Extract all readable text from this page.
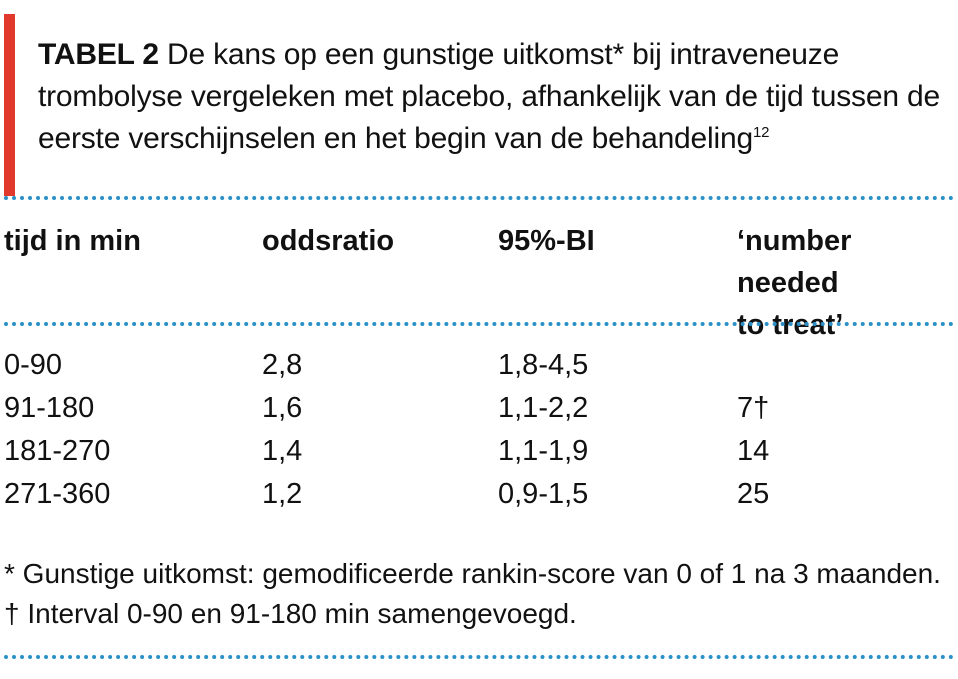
TABEL 2 De kans op een gunstige uitkomst* bij intraveneuze trombolyse vergeleken met placebo, afhankelijk van de tijd tussen de eerste verschijnselen en het begin van de behandeling$^{12}$
tijd in min	oddsratio	95%-BI	‘number needed
to treat’
0-90	2,8	1,8-4,5
91-180	1,6	1,1-2,2	7†
181-270	1,4	1,1-1,9	14
271-360	1,2	0,9-1,5	25
* Gunstige uitkomst: gemodificeerde rankin-score van 0 of 1 na 3 maanden.
† Interval 0-90 en 91-180 min samengevoegd.
